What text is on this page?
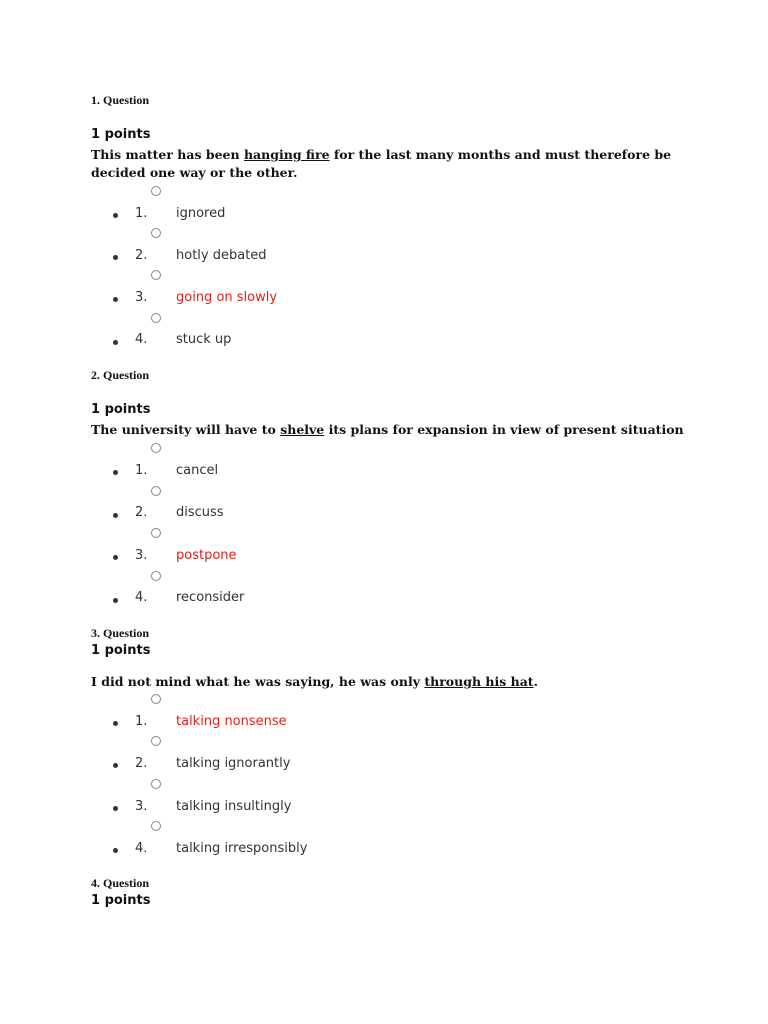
1. Question
1 points
This matter has been hanging fire for the last many months and must therefore be decided one way or the other.
1. ignored
2. hotly debated
3. going on slowly
4. stuck up
2. Question
1 points
The university will have to shelve its plans for expansion in view of present situation
1. cancel
2. discuss
3. postpone
4. reconsider
3. Question
1 points
I did not mind what he was saying, he was only through his hat.
1. talking nonsense
2. talking ignorantly
3. talking insultingly
4. talking irresponsibly
4. Question
1 points
